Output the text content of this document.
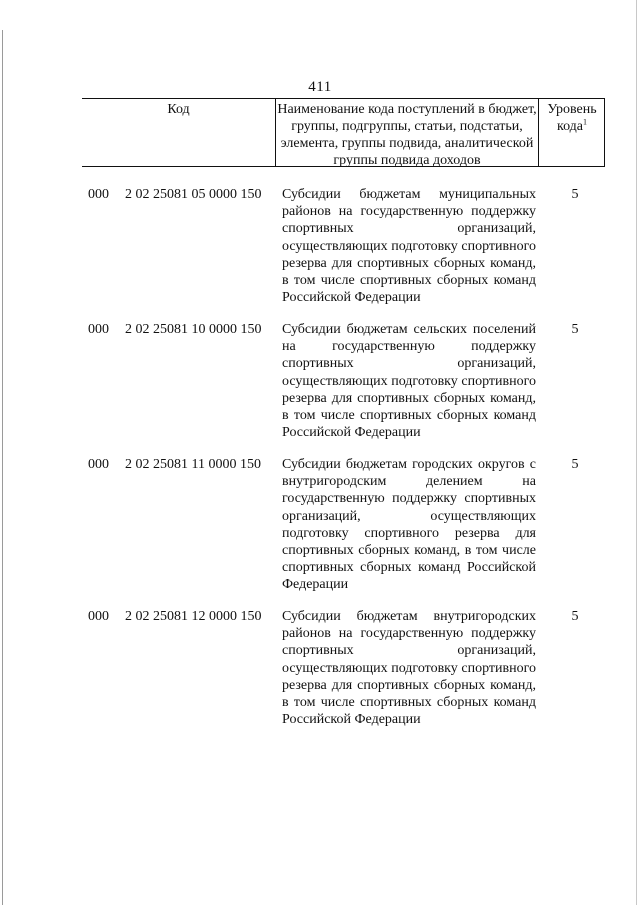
411
Код	Наименование кода поступлений в бюджет, группы, подгруппы, статьи, подстатьи, элемента, группы подвида, аналитической группы подвида доходов
Уровень кода$^1$
000 2 02 25081 05 0000 150 Субсидии бюджетам муниципальных районов на государственную поддержку спортивных организаций, осуществляющих подготовку спортивного резерва для спортивных сборных команд, в том числе спортивных сборных команд Российской Федерации
5
000 2 02 25081 10 0000 150 Субсидии бюджетам сельских поселений на государственную поддержку спортивных организаций, осуществляющих подготовку спортивного резерва для спортивных сборных команд, в том числе спортивных сборных команд Российской Федерации
5
000 2 02 25081 11 0000 150 Субсидии бюджетам городских округов с внутригородским делением на государственную поддержку спортивных организаций, осуществляющих подготовку спортивного резерва для спортивных сборных команд, в том числе спортивных сборных команд Российской Федерации
5
000 2 02 25081 12 0000 150 Субсидии бюджетам внутригородских районов на государственную поддержку спортивных организаций, осуществляющих подготовку спортивного резерва для спортивных сборных команд, в том числе спортивных сборных команд Российской Федерации
5
